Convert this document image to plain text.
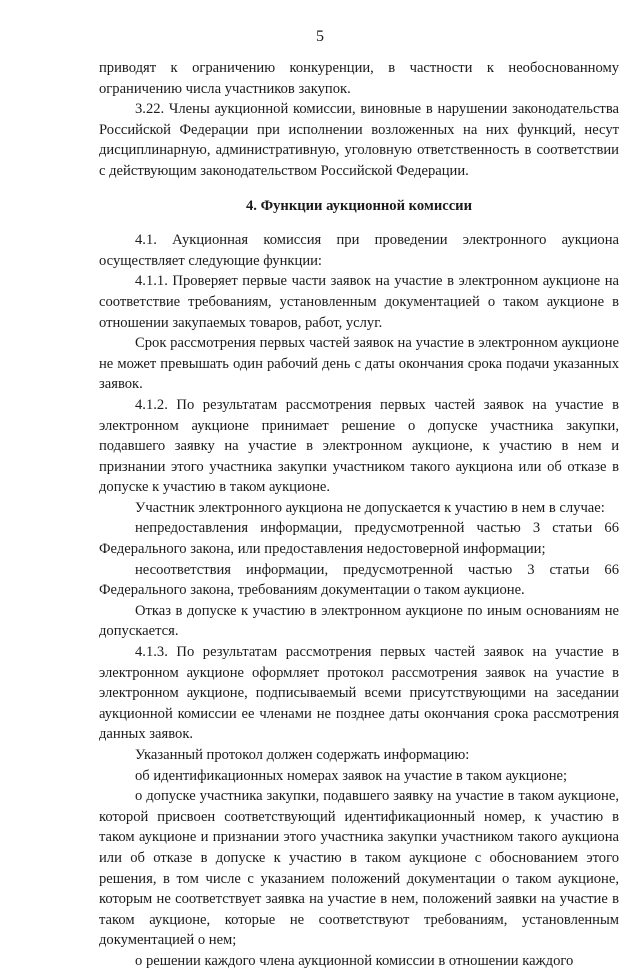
5

приводят к ограничению конкуренции, в частности к необоснованному ограничению числа участников закупок.

3.22. Члены аукционной комиссии, виновные в нарушении законодательства Российской Федерации при исполнении возложенных на них функций, несут дисциплинарную, административную, уголовную ответственность в соответствии с действующим законодательством Российской Федерации.

4. Функции аукционной комиссии

4.1. Аукционная комиссия при проведении электронного аукциона осуществляет следующие функции:

4.1.1. Проверяет первые части заявок на участие в электронном аукционе на соответствие требованиям, установленным документацией о таком аукционе в отношении закупаемых товаров, работ, услуг.

Срок рассмотрения первых частей заявок на участие в электронном аукционе не может превышать один рабочий день с даты окончания срока подачи указанных заявок.

4.1.2. По результатам рассмотрения первых частей заявок на участие в электронном аукционе принимает решение о допуске участника закупки, подавшего заявку на участие в электронном аукционе, к участию в нем и признании этого участника закупки участником такого аукциона или об отказе в допуске к участию в таком аукционе.

Участник электронного аукциона не допускается к участию в нем в случае:

непредоставления информации, предусмотренной частью 3 статьи 66 Федерального закона, или предоставления недостоверной информации;

несоответствия информации, предусмотренной частью 3 статьи 66 Федерального закона, требованиям документации о таком аукционе.

Отказ в допуске к участию в электронном аукционе по иным основаниям не допускается.

4.1.3. По результатам рассмотрения первых частей заявок на участие в электронном аукционе оформляет протокол рассмотрения заявок на участие в электронном аукционе, подписываемый всеми присутствующими на заседании аукционной комиссии ее членами не позднее даты окончания срока рассмотрения данных заявок.

Указанный протокол должен содержать информацию:

об идентификационных номерах заявок на участие в таком аукционе;

о допуске участника закупки, подавшего заявку на участие в таком аукционе, которой присвоен соответствующий идентификационный номер, к участию в таком аукционе и признании этого участника закупки участником такого аукциона или об отказе в допуске к участию в таком аукционе с обоснованием этого решения, в том числе с указанием положений документации о таком аукционе, которым не соответствует заявка на участие в нем, положений заявки на участие в таком аукционе, которые не соответствуют требованиям, установленным документацией о нем;

о решении каждого члена аукционной комиссии в отношении каждого
